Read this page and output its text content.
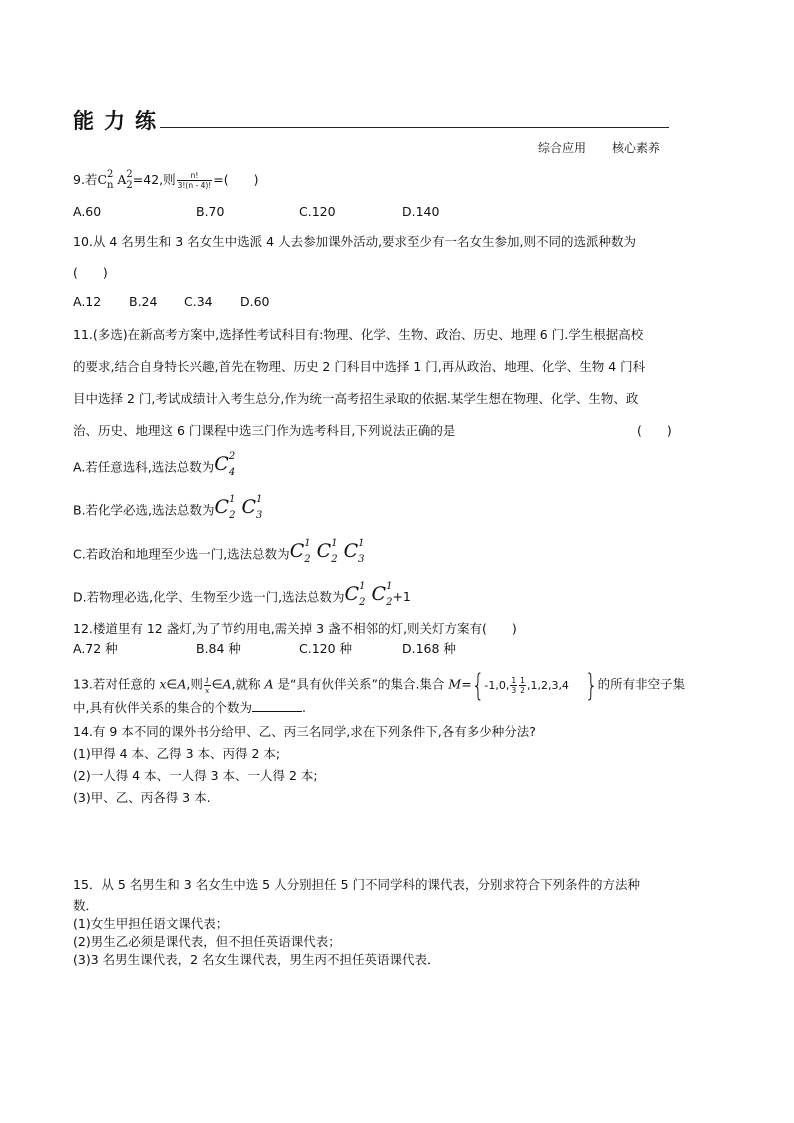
能力练
综合应用 核心素养
9.若$C^2$
n $A^2$
2 =42,则 $\frac{n!}{3!(n - 4)!}$ =(　　)
A.60	B.70	C.120	D.140
10.从 4 名男生和 3 名女生中选派 4 人去参加课外活动,要求至少有一名女生参加,则不同的选派种数为
(　　)
A.12 B.24 C.34 D.60
11.(多选)在新高考方案中,选择性考试科目有:物理、化学、生物、政治、历史、地理 6 门.学生根据高校
的要求,结合自身特长兴趣,首先在物理、历史 2 门科目中选择 1 门,再从政治、地理、化学、生物 4 门科
目中选择 2 门,考试成绩计入考生总分,作为统一高考招生录取的依据.某学生想在物理、化学、生物、政
治、历史、地理这 6 门课程中选三门作为选考科目,下列说法正确的是	(　　)
A.若任意选科,选法总数为$C^2$
4
B.若化学必选,选法总数为$C^1$
2 $C^1$
3
C.若政治和地理至少选一门,选法总数为$C^1$
2 $C^1$
2 $C^1$
3
D.若物理必选,化学、生物至少选一门,选法总数为$C^1$
2 $C^1$
2 +1
12.楼道里有 12 盏灯,为了节约用电,需关掉 3 盏不相邻的灯,则关灯方案有(　　)
A.72 种	B.84 种	C.120 种	D.168 种
13.若对任意的 x∈A,则 $\frac{1}{x}$ ∈A,就称 A 是“具有伙伴关系”的集合.集合 M={-1,0, $\frac{1}{3} \frac{1}{2} ,1,2,3,4$ }的所有非空子集
中,具有伙伴关系的集合的个数为	.
14.有 9 本不同的课外书分给甲、乙、丙三名同学,求在下列条件下,各有多少种分法?
(1)甲得 4 本、乙得 3 本、丙得 2 本;
(2)一人得 4 本、一人得 3 本、一人得 2 本;
(3)甲、乙、丙各得 3 本.
15．从 5 名男生和 3 名女生中选 5 人分别担任 5 门不同学科的课代表，分别求符合下列条件的方法种
数．
(1)女生甲担任语文课代表；
(2)男生乙必须是课代表，但不担任英语课代表；
(3)3 名男生课代表，2 名女生课代表，男生丙不担任英语课代表．
